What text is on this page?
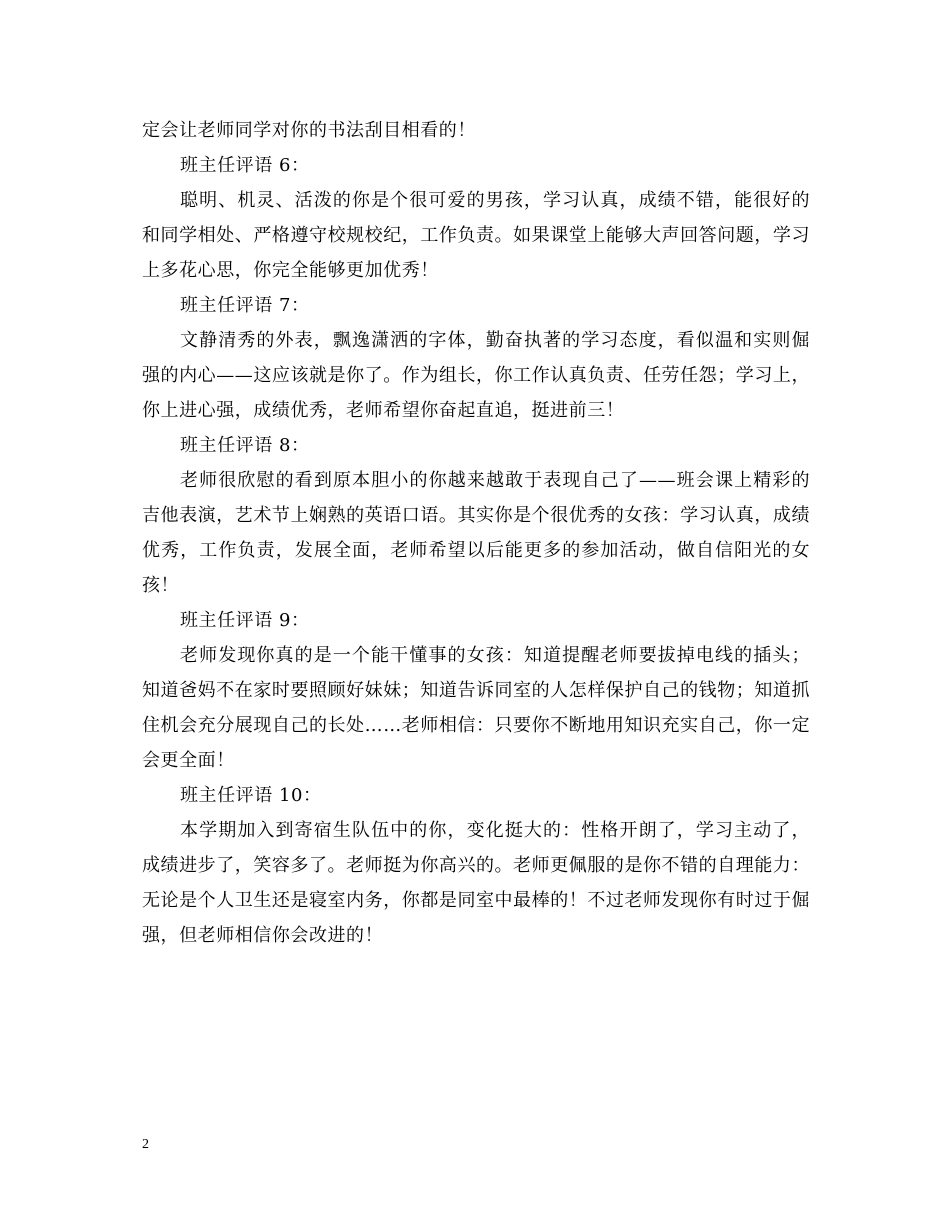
定会让老师同学对你的书法刮目相看的！

班主任评语 6：

聪明、机灵、活泼的你是个很可爱的男孩，学习认真，成绩不错，能很好的和同学相处、严格遵守校规校纪，工作负责。如果课堂上能够大声回答问题，学习上多花心思，你完全能够更加优秀！

班主任评语 7：

文静清秀的外表，飘逸潇洒的字体，勤奋执著的学习态度，看似温和实则倔强的内心——这应该就是你了。作为组长，你工作认真负责、任劳任怨；学习上，你上进心强，成绩优秀，老师希望你奋起直追，挺进前三！

班主任评语 8：

老师很欣慰的看到原本胆小的你越来越敢于表现自己了——班会课上精彩的吉他表演，艺术节上娴熟的英语口语。其实你是个很优秀的女孩：学习认真，成绩优秀，工作负责，发展全面，老师希望以后能更多的参加活动，做自信阳光的女孩！

班主任评语 9：

老师发现你真的是一个能干懂事的女孩：知道提醒老师要拔掉电线的插头；知道爸妈不在家时要照顾好妹妹；知道告诉同室的人怎样保护自己的钱物；知道抓住机会充分展现自己的长处……老师相信：只要你不断地用知识充实自己，你一定会更全面！

班主任评语 10：

本学期加入到寄宿生队伍中的你，变化挺大的：性格开朗了，学习主动了，成绩进步了，笑容多了。老师挺为你高兴的。老师更佩服的是你不错的自理能力：无论是个人卫生还是寝室内务，你都是同室中最棒的！不过老师发现你有时过于倔强，但老师相信你会改进的！

2
